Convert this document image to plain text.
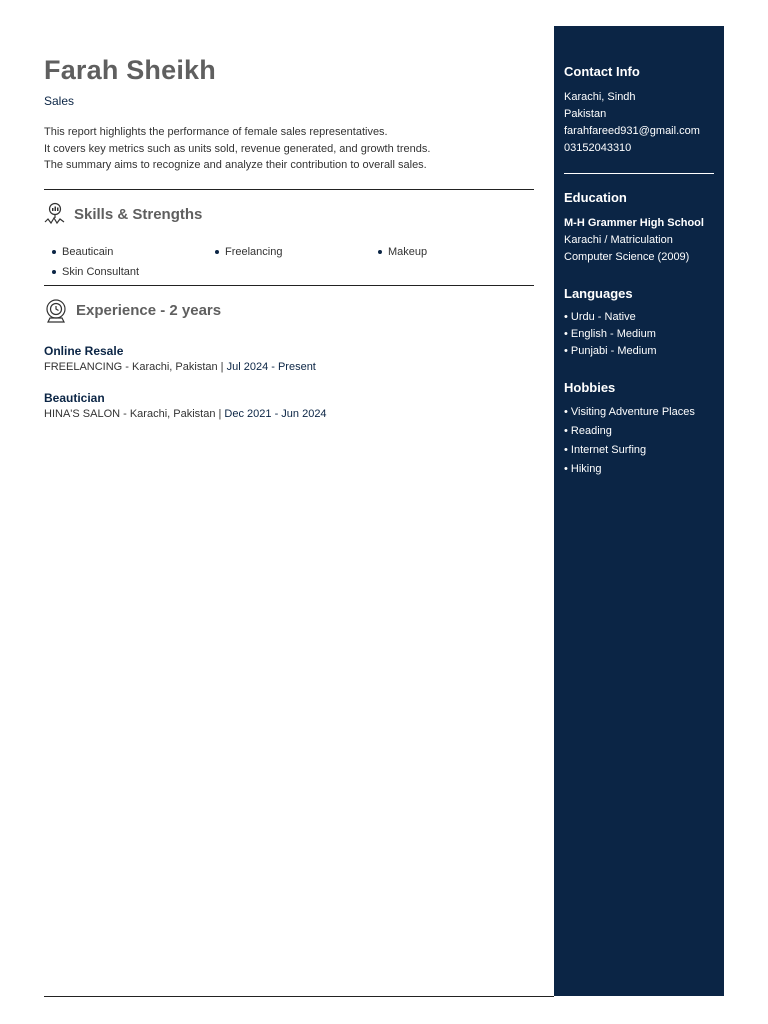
Farah Sheikh
Sales
This report highlights the performance of female sales representatives.
It covers key metrics such as units sold, revenue generated, and growth trends.
The summary aims to recognize and analyze their contribution to overall sales.
Skills & Strengths
Beauticain	Freelancing	Makeup
Skin Consultant
Experience - 2 years
Online Resale
FREELANCING - Karachi, Pakistan | Jul 2024 - Present
Beautician
HINA'S SALON - Karachi, Pakistan | Dec 2021 - Jun 2024
Contact Info
Karachi, Sindh
Pakistan
farahfareed931@gmail.com
03152043310
Education
M-H Grammer High School
Karachi / Matriculation
Computer Science (2009)
Languages
• Urdu - Native
• English - Medium
• Punjabi - Medium
Hobbies
• Visiting Adventure Places
• Reading
• Internet Surfing
• Hiking
